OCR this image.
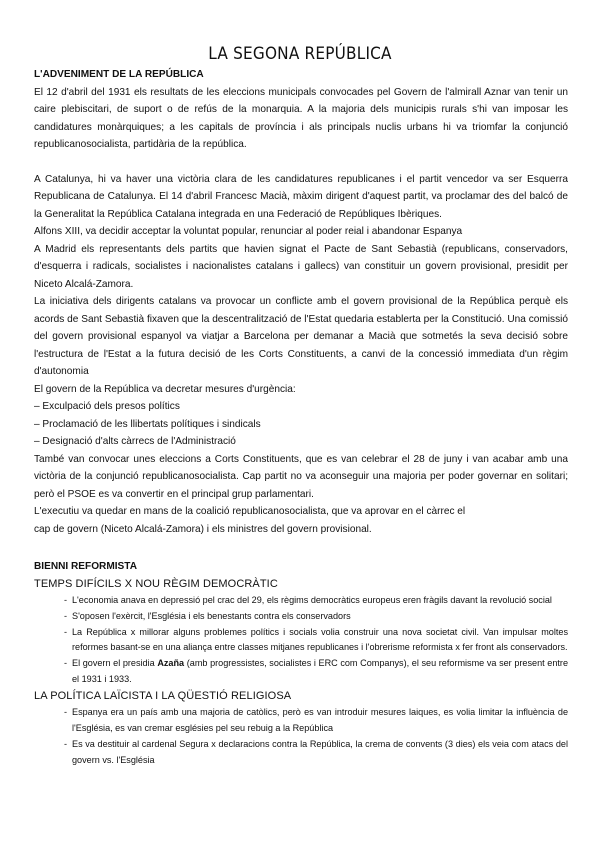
LA SEGONA REPÚBLICA
L'ADVENIMENT DE LA REPÚBLICA

El 12 d'abril del 1931 els resultats de les eleccions municipals convocades pel Govern de l'almirall Aznar van tenir un caire plebiscitari, de suport o de refús de la monarquia. A la majoria dels municipis rurals s'hi van imposar les candidatures monàrquiques; a les capitals de província i als principals nuclis urbans hi va triomfar la conjunció republicanosocialista, partidària de la república.

A Catalunya, hi va haver una victòria clara de les candidatures republicanes i el partit vencedor va ser Esquerra Republicana de Catalunya. El 14 d'abril Francesc Macià, màxim dirigent d'aquest partit, va proclamar des del balcó de la Generalitat la República Catalana integrada en una Federació de Repúbliques Ibèriques.

Alfons XIII, va decidir acceptar la voluntat popular, renunciar al poder reial i abandonar Espanya

A Madrid els representants dels partits que havien signat el Pacte de Sant Sebastià (republicans, conservadors, d'esquerra i radicals, socialistes i nacionalistes catalans i gallecs) van constituir un govern provisional, presidit per Niceto Alcalá-Zamora.

La iniciativa dels dirigents catalans va provocar un conflicte amb el govern provisional de la República perquè els acords de Sant Sebastià fixaven que la descentralització de l'Estat quedaria establerta per la Constitució. Una comissió del govern provisional espanyol va viatjar a Barcelona per demanar a Macià que sotmetés la seva decisió sobre l'estructura de l'Estat a la futura decisió de les Corts Constituents, a canvi de la concessió immediata d'un règim d'autonomia

El govern de la República va decretar mesures d'urgència:

– Exculpació dels presos polítics

– Proclamació de les llibertats polítiques i sindicals

– Designació d'alts càrrecs de l'Administració

També van convocar unes eleccions a Corts Constituents, que es van celebrar el 28 de juny i van acabar amb una victòria de la conjunció republicanosocialista. Cap partit no va aconseguir una majoria per poder governar en solitari; però el PSOE es va convertir en el principal grup parlamentari.

L'executiu va quedar en mans de la coalició republicanosocialista, que va aprovar en el càrrec el

cap de govern (Niceto Alcalá-Zamora) i els ministres del govern provisional.

BIENNI REFORMISTA
TEMPS DIFÍCILS X NOU RÈGIM DEMOCRÀTIC
- L'economia anava en depressió pel crac del 29, els règims democràtics europeus eren fràgils davant la revolució social
- S'oposen l'exèrcit, l'Església i els benestants contra els conservadors
- La República x millorar alguns problemes polítics i socials volia construir una nova societat civil. Van impulsar moltes reformes basant-se en una aliança entre classes mitjanes republicanes i l'obrerisme reformista x fer front als conservadors.
- El govern el presidia Azaña (amb progressistes, socialistes i ERC com Companys), el seu reformisme va ser present entre el 1931 i 1933.
LA POLÍTICA LAÏCISTA I LA QÜESTIÓ RELIGIOSA
- Espanya era un país amb una majoria de catòlics, però es van introduir mesures laiques, es volia limitar la influència de l'Església, es van cremar esglésies pel seu rebuig a la República
- Es va destituir al cardenal Segura x declaracions contra la República, la crema de convents (3 dies) els veia com atacs del govern vs. l'Església
